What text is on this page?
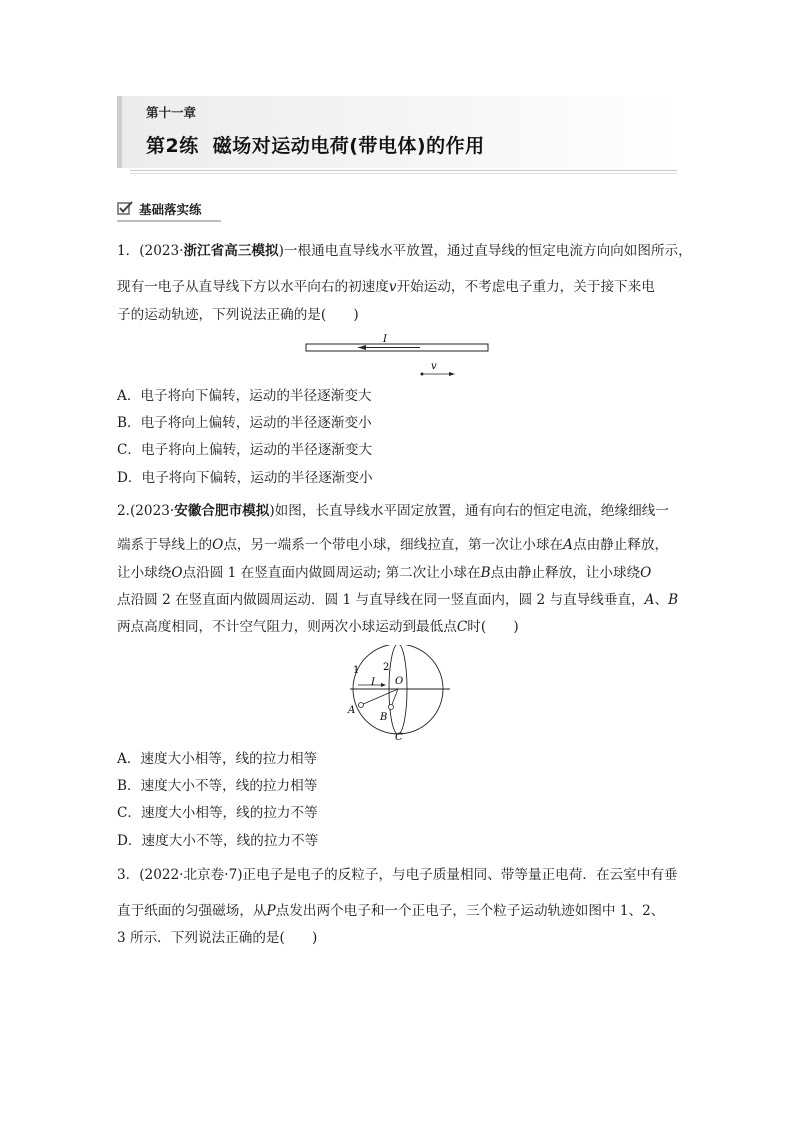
第十一章
第2练 磁场对运动电荷(带电体)的作用
基础落实练
1．(2023·浙江省高三模拟)一根通电直导线水平放置，通过直导线的恒定电流方向向如图所示，
现有一电子从直导线下方以水平向右的初速度v开始运动，不考虑电子重力，关于接下来电
子的运动轨迹，下列说法正确的是(　　)
I
v
A．电子将向下偏转，运动的半径逐渐变大
B．电子将向上偏转，运动的半径逐渐变小
C．电子将向上偏转，运动的半径逐渐变大
D．电子将向下偏转，运动的半径逐渐变小
2.(2023·安徽合肥市模拟)如图，长直导线水平固定放置，通有向右的恒定电流，绝缘细线一
端系于导线上的O点，另一端系一个带电小球，细线拉直，第一次让小球在A点由静止释放，
让小球绕O点沿圆 1 在竖直面内做圆周运动; 第二次让小球在B点由静止释放，让小球绕O
点沿圆 2 在竖直面内做圆周运动．圆 1 与直导线在同一竖直面内，圆 2 与直导线垂直，A、B
两点高度相同，不计空气阻力，则两次小球运动到最低点C时(　　)
1 2
I O
A
B
C
A．速度大小相等，线的拉力相等
B．速度大小不等，线的拉力相等
C．速度大小相等，线的拉力不等
D．速度大小不等，线的拉力不等
3．(2022·北京卷·7)正电子是电子的反粒子，与电子质量相同、带等量正电荷．在云室中有垂
直于纸面的匀强磁场，从P点发出两个电子和一个正电子，三个粒子运动轨迹如图中 1、2、
3 所示．下列说法正确的是(　　)
